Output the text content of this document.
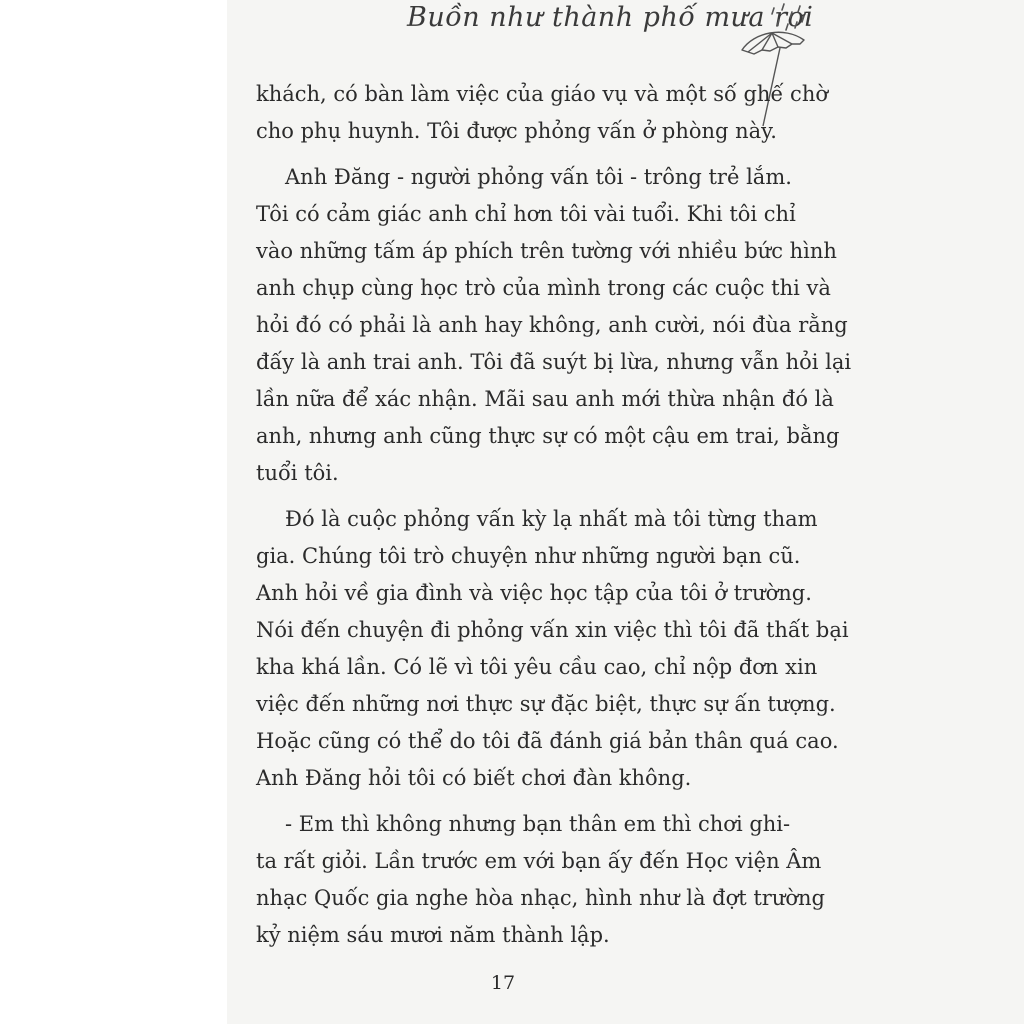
Buồn như thành phố mưa rơi

khách, có bàn làm việc của giáo vụ và một số ghế chờ
cho phụ huynh. Tôi được phỏng vấn ở phòng này.

Anh Đăng - người phỏng vấn tôi - trông trẻ lắm.
Tôi có cảm giác anh chỉ hơn tôi vài tuổi. Khi tôi chỉ
vào những tấm áp phích trên tường với nhiều bức hình
anh chụp cùng học trò của mình trong các cuộc thi và
hỏi đó có phải là anh hay không, anh cười, nói đùa rằng
đấy là anh trai anh. Tôi đã suýt bị lừa, nhưng vẫn hỏi lại
lần nữa để xác nhận. Mãi sau anh mới thừa nhận đó là
anh, nhưng anh cũng thực sự có một cậu em trai, bằng
tuổi tôi.

Đó là cuộc phỏng vấn kỳ lạ nhất mà tôi từng tham
gia. Chúng tôi trò chuyện như những người bạn cũ.
Anh hỏi về gia đình và việc học tập của tôi ở trường.
Nói đến chuyện đi phỏng vấn xin việc thì tôi đã thất bại
kha khá lần. Có lẽ vì tôi yêu cầu cao, chỉ nộp đơn xin
việc đến những nơi thực sự đặc biệt, thực sự ấn tượng.
Hoặc cũng có thể do tôi đã đánh giá bản thân quá cao.
Anh Đăng hỏi tôi có biết chơi đàn không.

- Em thì không nhưng bạn thân em thì chơi ghi-
ta rất giỏi. Lần trước em với bạn ấy đến Học viện Âm
nhạc Quốc gia nghe hòa nhạc, hình như là đợt trường
kỷ niệm sáu mươi năm thành lập.

17
